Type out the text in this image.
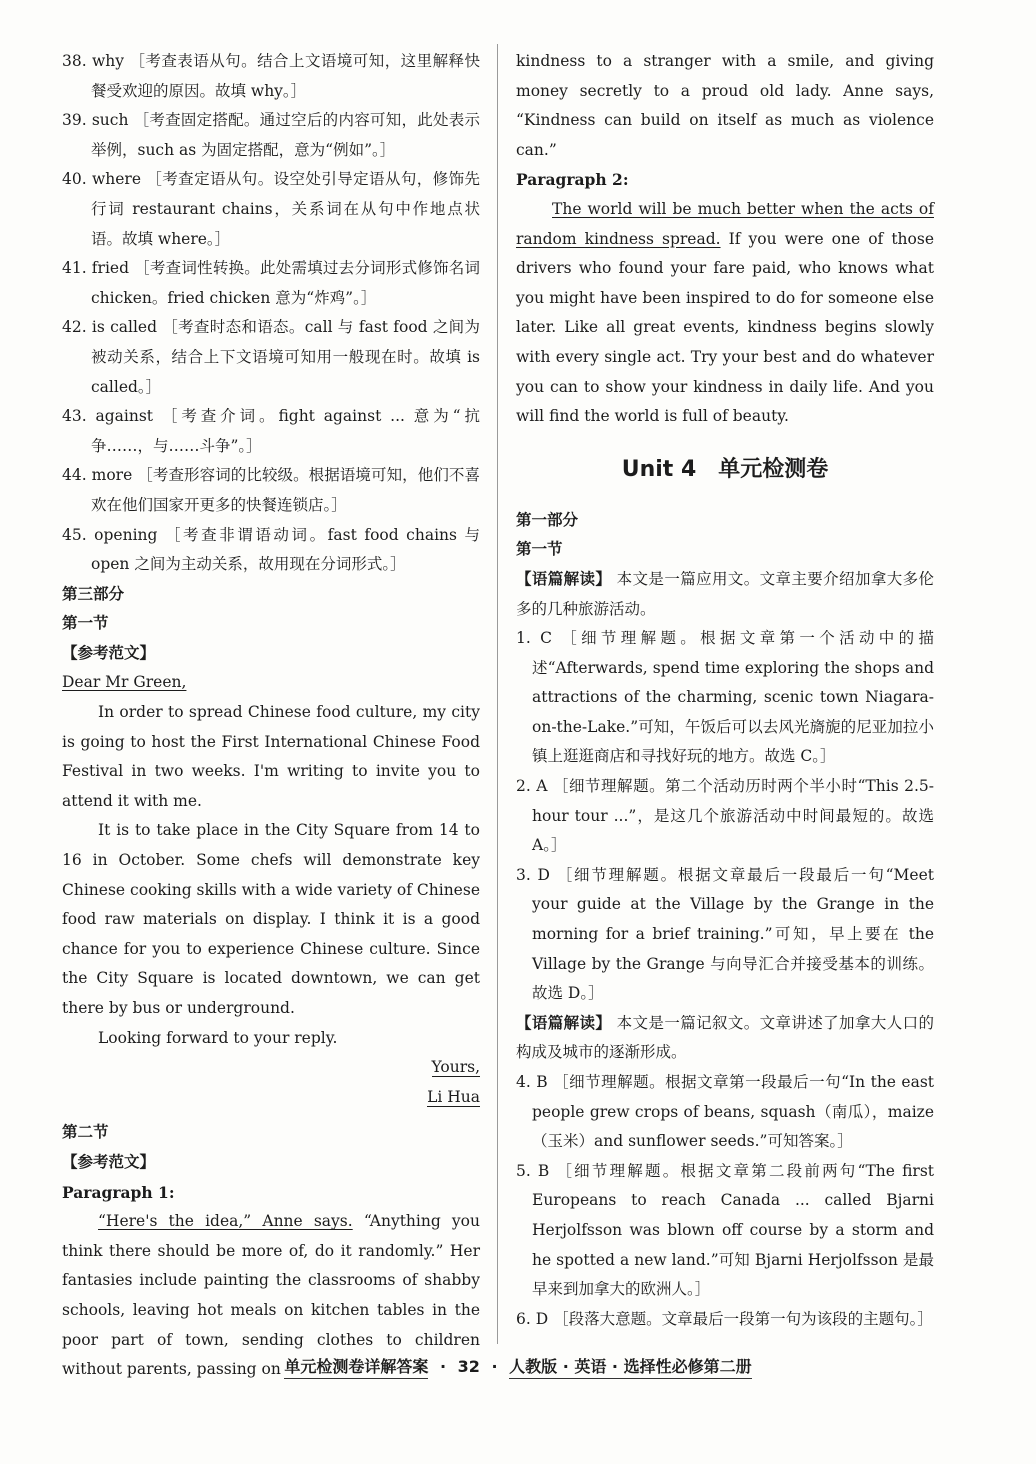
38. why ［考查表语从句。结合上文语境可知，这里解释快餐受欢迎的原因。故填 why。］
39. such ［考查固定搭配。通过空后的内容可知，此处表示举例，such as 为固定搭配，意为“例如”。］
40. where ［考查定语从句。设空处引导定语从句，修饰先行词 restaurant chains，关系词在从句中作地点状语。故填 where。］
41. fried ［考查词性转换。此处需填过去分词形式修饰名词 chicken。fried chicken 意为“炸鸡”。］
42. is called ［考查时态和语态。call 与 fast food 之间为被动关系，结合上下文语境可知用一般现在时。故填 is called。］
43. against ［考查介词。fight against ... 意为“抗争……，与……斗争”。］
44. more ［考查形容词的比较级。根据语境可知，他们不喜欢在他们国家开更多的快餐连锁店。］
45. opening ［考查非谓语动词。fast food chains 与 open 之间为主动关系，故用现在分词形式。］
第三部分
第一节
【参考范文】
Dear Mr Green,
In order to spread Chinese food culture, my city is going to host the First International Chinese Food Festival in two weeks. I'm writing to invite you to attend it with me.
It is to take place in the City Square from 14 to 16 in October. Some chefs will demonstrate key Chinese cooking skills with a wide variety of Chinese food raw materials on display. I think it is a good chance for you to experience Chinese culture. Since the City Square is located downtown, we can get there by bus or underground.
Looking forward to your reply.
Yours,
Li Hua
第二节
【参考范文】
Paragraph 1:
“Here's the idea,” Anne says. “Anything you think there should be more of, do it randomly.” Her fantasies include painting the classrooms of shabby schools, leaving hot meals on kitchen tables in the poor part of town, sending clothes to children without parents, passing on
kindness to a stranger with a smile, and giving money secretly to a proud old lady. Anne says, “Kindness can build on itself as much as violence can.”
Paragraph 2:
The world will be much better when the acts of random kindness spread. If you were one of those drivers who found your fare paid, who knows what you might have been inspired to do for someone else later. Like all great events, kindness begins slowly with every single act. Try your best and do whatever you can to show your kindness in daily life. And you will find the world is full of beauty.
Unit 4　单元检测卷
第一部分
第一节
【语篇解读】 本文是一篇应用文。文章主要介绍加拿大多伦多的几种旅游活动。
1. C ［细节理解题。根据文章第一个活动中的描述“Afterwards, spend time exploring the shops and attractions of the charming, scenic town Niagara-on-the-Lake.”可知，午饭后可以去风光旖旎的尼亚加拉小镇上逛逛商店和寻找好玩的地方。故选 C。］
2. A ［细节理解题。第二个活动历时两个半小时“This 2.5-hour tour ...”，是这几个旅游活动中时间最短的。故选 A。］
3. D ［细节理解题。根据文章最后一段最后一句“Meet your guide at the Village by the Grange in the morning for a brief training.”可知，早上要在 the Village by the Grange 与向导汇合并接受基本的训练。故选 D。］
【语篇解读】 本文是一篇记叙文。文章讲述了加拿大人口的构成及城市的逐渐形成。
4. B ［细节理解题。根据文章第一段最后一句“In the east people grew crops of beans, squash（南瓜），maize（玉米）and sunflower seeds.”可知答案。］
5. B ［细节理解题。根据文章第二段前两句“The first Europeans to reach Canada ... called Bjarni Herjolfsson was blown off course by a storm and he spotted a new land.”可知 Bjarni Herjolfsson 是最早来到加拿大的欧洲人。］
6. D ［段落大意题。文章最后一段第一句为该段的主题句。］
单元检测卷详解答案 · 32 · 人教版 · 英语 · 选择性必修第二册
